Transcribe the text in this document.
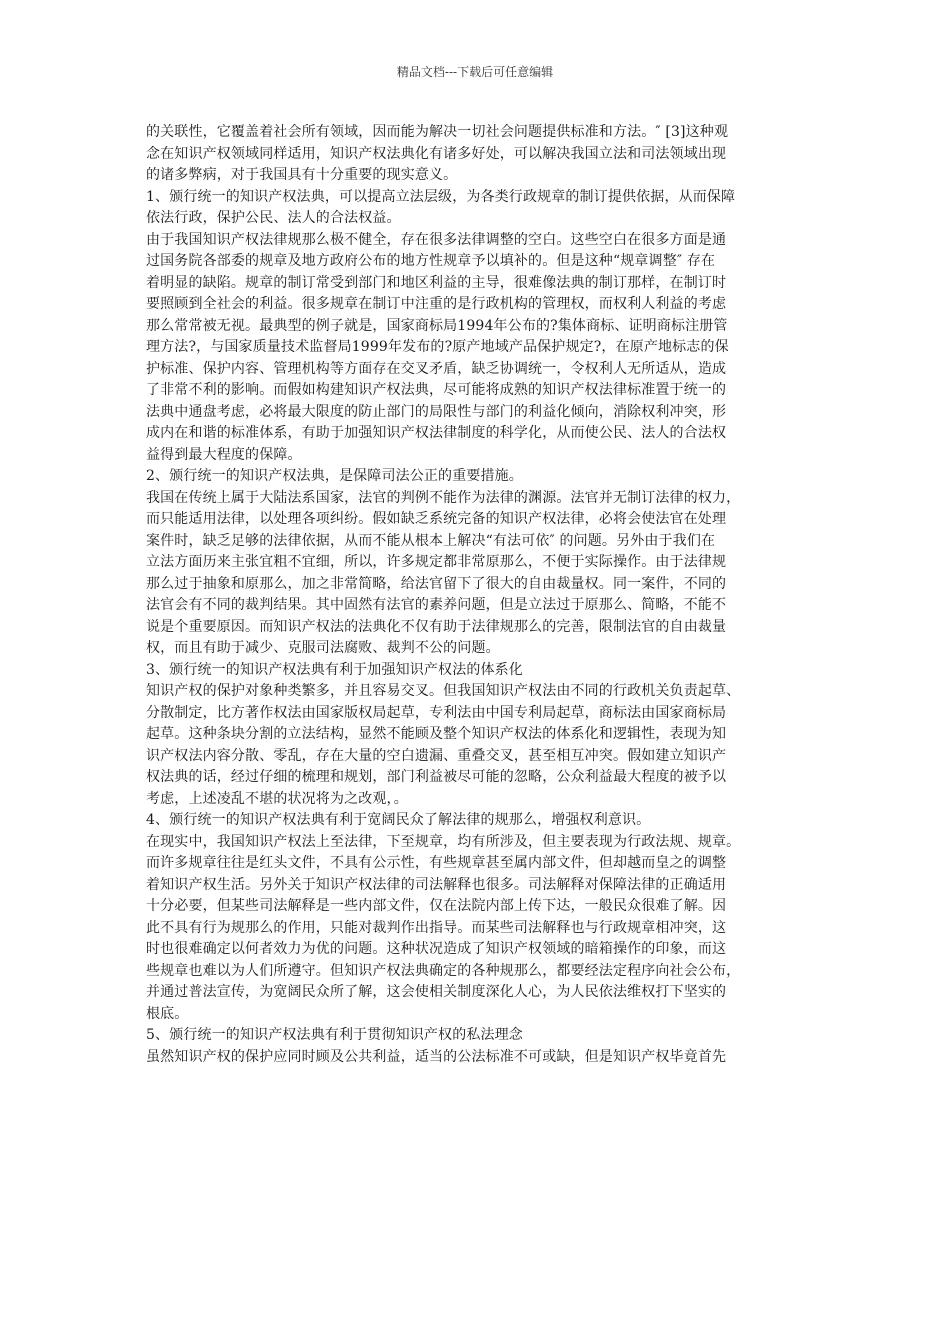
精品文档---下载后可任意编辑
的关联性，它覆盖着社会所有领域，因而能为解决一切社会问题提供标准和方法。″ [3]这种观
念在知识产权领域同样适用，知识产权法典化有诸多好处，可以解决我国立法和司法领域出现
的诸多弊病，对于我国具有十分重要的现实意义。
1、颁行统一的知识产权法典，可以提高立法层级，为各类行政规章的制订提供依据，从而保障
依法行政，保护公民、法人的合法权益。
由于我国知识产权法律规那么极不健全，存在很多法律调整的空白。这些空白在很多方面是通
过国务院各部委的规章及地方政府公布的地方性规章予以填补的。但是这种“规章调整″ 存在
着明显的缺陷。规章的制订常受到部门和地区利益的主导，很难像法典的制订那样，在制订时
要照顾到全社会的利益。很多规章在制订中注重的是行政机构的管理权，而权利人利益的考虑
那么常常被无视。最典型的例子就是，国家商标局1994年公布的?集体商标、证明商标注册管
理方法?，与国家质量技术监督局1999年发布的?原产地域产品保护规定?，在原产地标志的保
护标准、保护内容、管理机构等方面存在交叉矛盾，缺乏协调统一，令权利人无所适从，造成
了非常不利的影响。而假如构建知识产权法典，尽可能将成熟的知识产权法律标准置于统一的
法典中通盘考虑，必将最大限度的防止部门的局限性与部门的利益化倾向，消除权利冲突，形
成内在和谐的标准体系，有助于加强知识产权法律制度的科学化，从而使公民、法人的合法权
益得到最大程度的保障。
2、颁行统一的知识产权法典，是保障司法公正的重要措施。
我国在传统上属于大陆法系国家，法官的判例不能作为法律的渊源。法官并无制订法律的权力，
而只能适用法律，以处理各项纠纷。假如缺乏系统完备的知识产权法律，必将会使法官在处理
案件时，缺乏足够的法律依据，从而不能从根本上解决“有法可依″ 的问题。另外由于我们在
立法方面历来主张宜粗不宜细，所以，许多规定都非常原那么，不便于实际操作。由于法律规
那么过于抽象和原那么，加之非常简略，给法官留下了很大的自由裁量权。同一案件，不同的
法官会有不同的裁判结果。其中固然有法官的素养问题，但是立法过于原那么、简略，不能不
说是个重要原因。而知识产权法的法典化不仅有助于法律规那么的完善，限制法官的自由裁量
权，而且有助于减少、克服司法腐败、裁判不公的问题。
3、颁行统一的知识产权法典有利于加强知识产权法的体系化
知识产权的保护对象种类繁多，并且容易交叉。但我国知识产权法由不同的行政机关负责起草、
分散制定，比方著作权法由国家版权局起草，专利法由中国专利局起草，商标法由国家商标局
起草。这种条块分割的立法结构，显然不能顾及整个知识产权法的体系化和逻辑性，表现为知
识产权法内容分散、零乱，存在大量的空白遗漏、重叠交叉，甚至相互冲突。假如建立知识产
权法典的话，经过仔细的梳理和规划，部门利益被尽可能的忽略，公众利益最大程度的被予以
考虑，上述凌乱不堪的状况将为之改观，。
4、颁行统一的知识产权法典有利于宽阔民众了解法律的规那么，增强权利意识。
在现实中，我国知识产权法上至法律，下至规章，均有所涉及，但主要表现为行政法规、规章。
而许多规章往往是红头文件，不具有公示性，有些规章甚至属内部文件，但却越而皇之的调整
着知识产权生活。另外关于知识产权法律的司法解释也很多。司法解释对保障法律的正确适用
十分必要，但某些司法解释是一些内部文件，仅在法院内部上传下达，一般民众很难了解。因
此不具有行为规那么的作用，只能对裁判作出指导。而某些司法解释也与行政规章相冲突，这
时也很难确定以何者效力为优的问题。这种状况造成了知识产权领域的暗箱操作的印象，而这
些规章也难以为人们所遵守。但知识产权法典确定的各种规那么，都要经法定程序向社会公布，
并通过普法宣传，为宽阔民众所了解，这会使相关制度深化人心，为人民依法维权打下坚实的
根底。
5、颁行统一的知识产权法典有利于贯彻知识产权的私法理念
虽然知识产权的保护应同时顾及公共利益，适当的公法标准不可或缺，但是知识产权毕竟首先
